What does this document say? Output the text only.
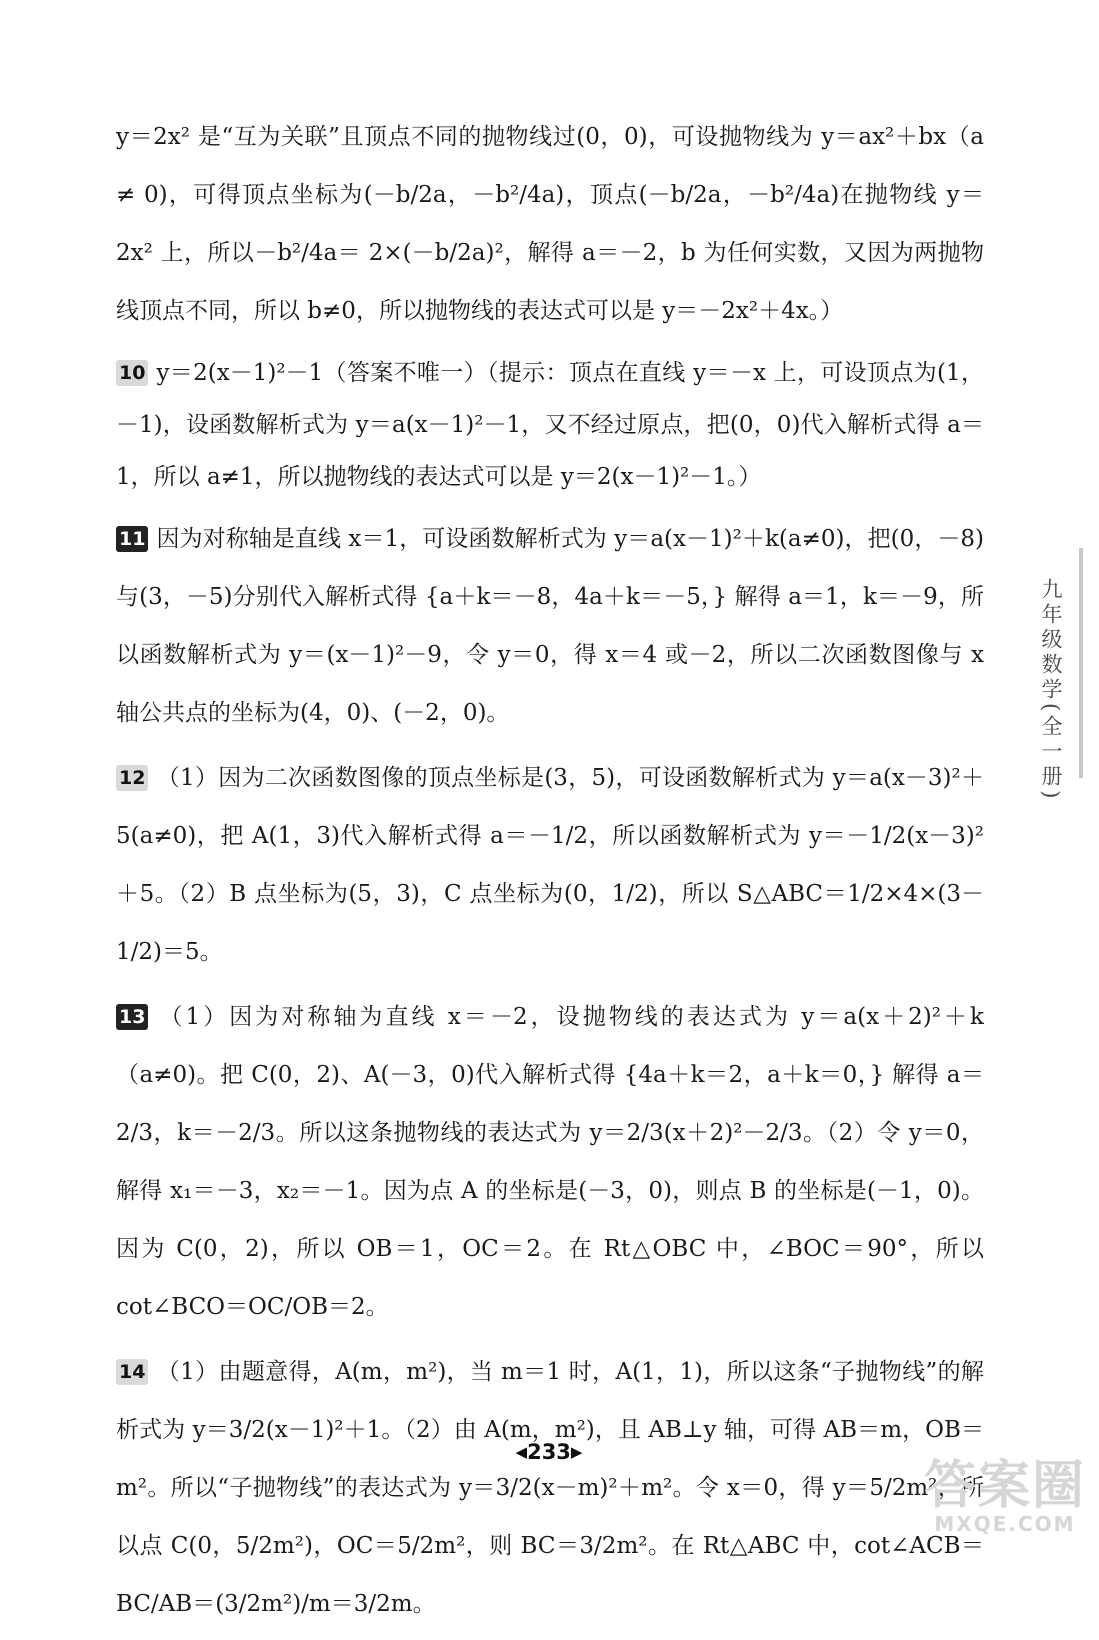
y＝2x² 是“互为关联”且顶点不同的抛物线过(0，0)，可设抛物线为 y＝ax²＋bx（a ≠ 0)，可得顶点坐标为(－b/2a，－b²/4a)，顶点(－b/2a，－b²/4a)在抛物线 y＝2x² 上，所以－b²/4a＝ 2×(－b/2a)²，解得 a＝－2，b 为任何实数，又因为两抛物线顶点不同，所以 b≠0，所以抛物线的表达式可以是 y＝－2x²＋4x。）

10 y＝2(x－1)²－1（答案不唯一）（提示：顶点在直线 y＝－x 上，可设顶点为(1，－1)，设函数解析式为 y＝a(x－1)²－1，又不经过原点，把(0，0)代入解析式得 a＝1，所以 a≠1，所以抛物线的表达式可以是 y＝2(x－1)²－1。）

11 因为对称轴是直线 x＝1，可设函数解析式为 y＝a(x－1)²＋k(a≠0)，把(0，－8)与(3，－5)分别代入解析式得 {a＋k＝－8，4a＋k＝－5，} 解得 a＝1，k＝－9，所以函数解析式为 y＝(x－1)²－9，令 y＝0，得 x＝4 或－2，所以二次函数图像与 x 轴公共点的坐标为(4，0)、(－2，0)。

12 （1）因为二次函数图像的顶点坐标是(3，5)，可设函数解析式为 y＝a(x－3)²＋5(a≠0)，把 A(1，3)代入解析式得 a＝－1/2，所以函数解析式为 y＝－1/2(x－3)²＋5。（2）B 点坐标为(5，3)，C 点坐标为(0，1/2)，所以 S△ABC＝1/2×4×(3－1/2)＝5。

13 （1）因为对称轴为直线 x＝－2，设抛物线的表达式为 y＝a(x＋2)²＋k（a≠0)。把 C(0，2)、A(－3，0)代入解析式得 {4a＋k＝2，a＋k＝0，} 解得 a＝2/3，k＝－2/3。所以这条抛物线的表达式为 y＝2/3(x＋2)²－2/3。（2）令 y＝0，解得 x₁＝－3，x₂＝－1。因为点 A 的坐标是(－3，0)，则点 B 的坐标是(－1，0)。因为 C(0，2)，所以 OB＝1，OC＝2。在 Rt△OBC 中，∠BOC＝90°，所以 cot∠BCO＝OC/OB＝2。

14 （1）由题意得，A(m，m²)，当 m＝1 时，A(1，1)，所以这条“子抛物线”的解析式为 y＝3/2(x－1)²＋1。（2）由 A(m，m²)，且 AB⊥y 轴，可得 AB＝m，OB＝m²。所以“子抛物线”的表达式为 y＝3/2(x－m)²＋m²。令 x＝0，得 y＝5/2m²，所以点 C(0，5/2m²)，OC＝5/2m²，则 BC＝3/2m²。在 Rt△ABC 中，cot∠ACB＝BC/AB＝(3/2m²)/m＝3/2m。

九年级数学(全一册)
◀233▶
答案圈
MXQE.COM
